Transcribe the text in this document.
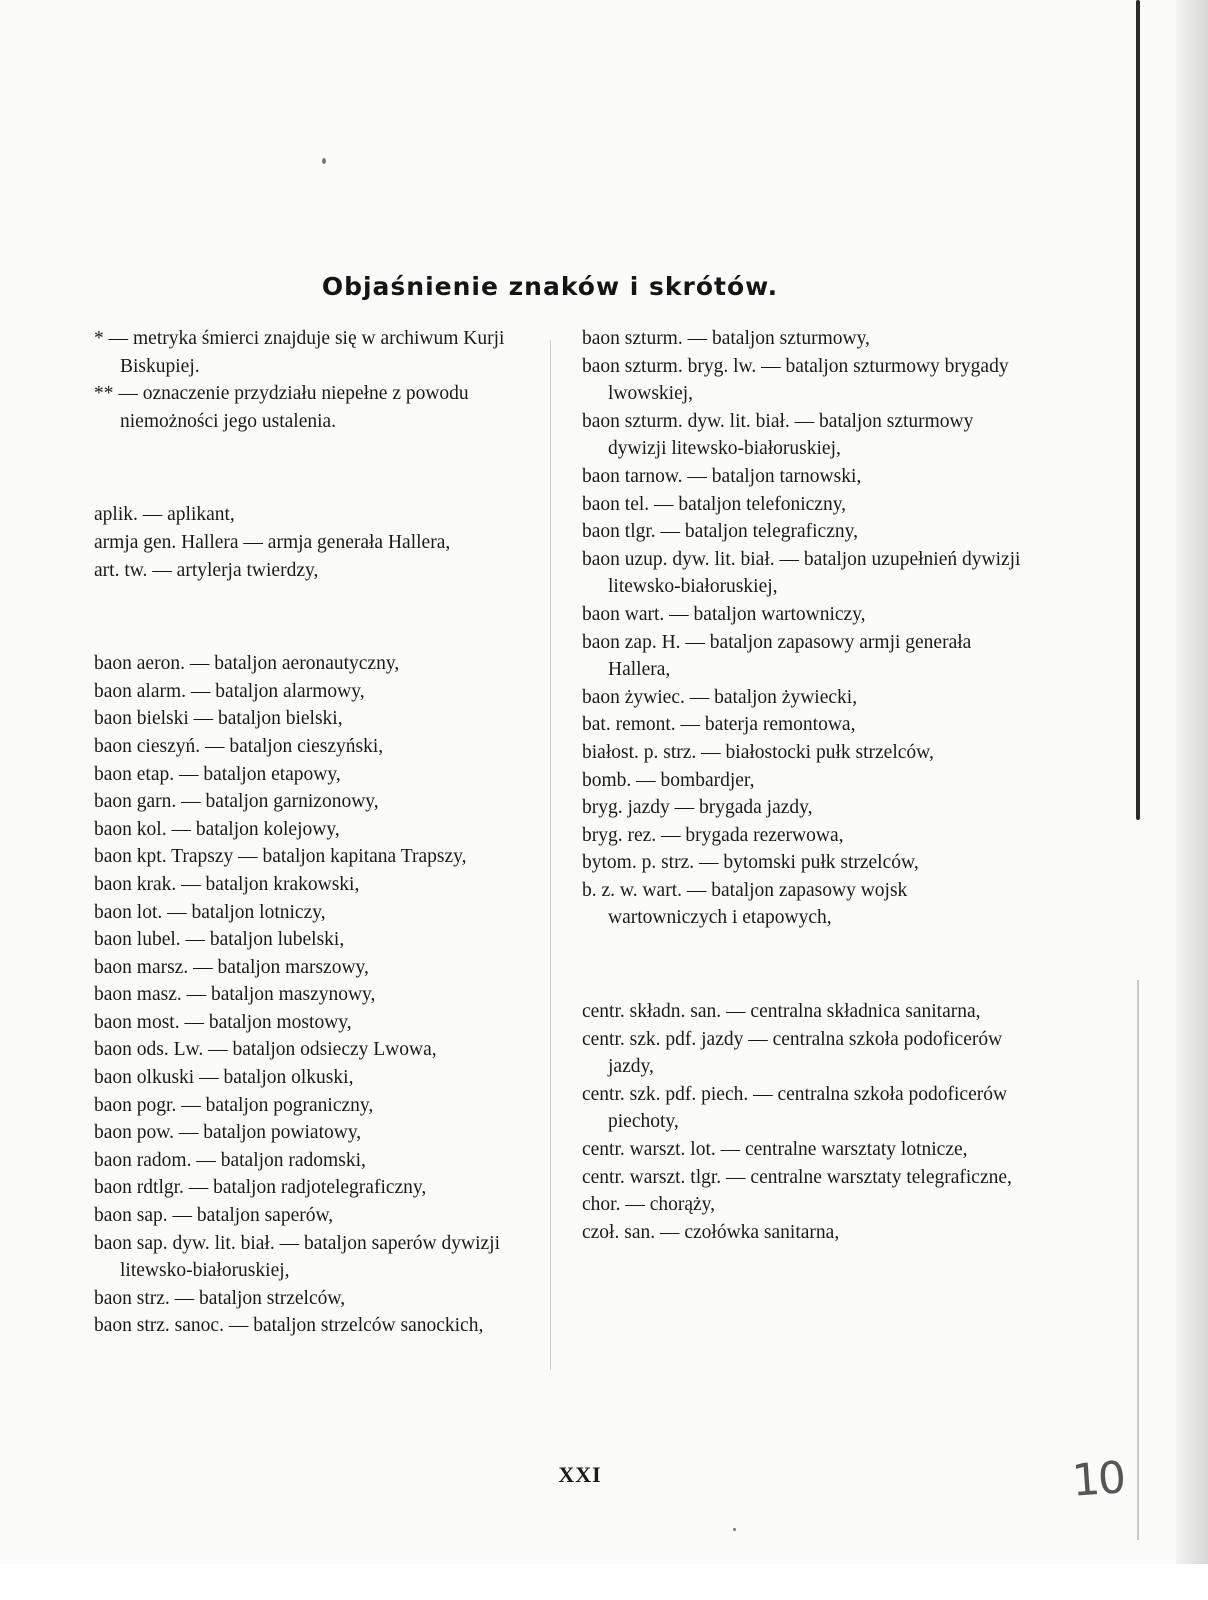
Objaśnienie znaków i skrótów.

* — metryka śmierci znajduje się w archiwum Kurji Biskupiej.

** — oznaczenie przydziału niepełne z powodu niemożności jego ustalenia.

aplik. — aplikant,

armja gen. Hallera — armja generała Hallera,

art. tw. — artylerja twierdzy,

baon aeron. — bataljon aeronautyczny,

baon alarm. — bataljon alarmowy,

baon bielski — bataljon bielski,

baon cieszyń. — bataljon cieszyński,

baon etap. — bataljon etapowy,

baon garn. — bataljon garnizonowy,

baon kol. — bataljon kolejowy,

baon kpt. Trapszy — bataljon kapitana Trapszy,

baon krak. — bataljon krakowski,

baon lot. — bataljon lotniczy,

baon lubel. — bataljon lubelski,

baon marsz. — bataljon marszowy,

baon masz. — bataljon maszynowy,

baon most. — bataljon mostowy,

baon ods. Lw. — bataljon odsieczy Lwowa,

baon olkuski — bataljon olkuski,

baon pogr. — bataljon pograniczny,

baon pow. — bataljon powiatowy,

baon radom. — bataljon radomski,

baon rdtlgr. — bataljon radjotelegraficzny,

baon sap. — bataljon saperów,

baon sap. dyw. lit. biał. — bataljon saperów dywizji litewsko-białoruskiej,

baon strz. — bataljon strzelców,

baon strz. sanoc. — bataljon strzelców sanockich,

baon szturm. — bataljon szturmowy,

baon szturm. bryg. lw. — bataljon szturmowy brygady lwowskiej,

baon szturm. dyw. lit. biał. — bataljon szturmowy dywizji litewsko-białoruskiej,

baon tarnow. — bataljon tarnowski,

baon tel. — bataljon telefoniczny,

baon tlgr. — bataljon telegraficzny,

baon uzup. dyw. lit. biał. — bataljon uzupełnień dywizji litewsko-białoruskiej,

baon wart. — bataljon wartowniczy,

baon zap. H. — bataljon zapasowy armji generała Hallera,

baon żywiec. — bataljon żywiecki,

bat. remont. — baterja remontowa,

białost. p. strz. — białostocki pułk strzelców,

bomb. — bombardjer,

bryg. jazdy — brygada jazdy,

bryg. rez. — brygada rezerwowa,

bytom. p. strz. — bytomski pułk strzelców,

b. z. w. wart. — bataljon zapasowy wojsk wartowniczych i etapowych,

centr. składn. san. — centralna składnica sanitarna,

centr. szk. pdf. jazdy — centralna szkoła podoficerów jazdy,

centr. szk. pdf. piech. — centralna szkoła podoficerów piechoty,

centr. warszt. lot. — centralne warsztaty lotnicze,

centr. warszt. tlgr. — centralne warsztaty telegraficzne,

chor. — chorąży,

czoł. san. — czołówka sanitarna,

XXI	10
